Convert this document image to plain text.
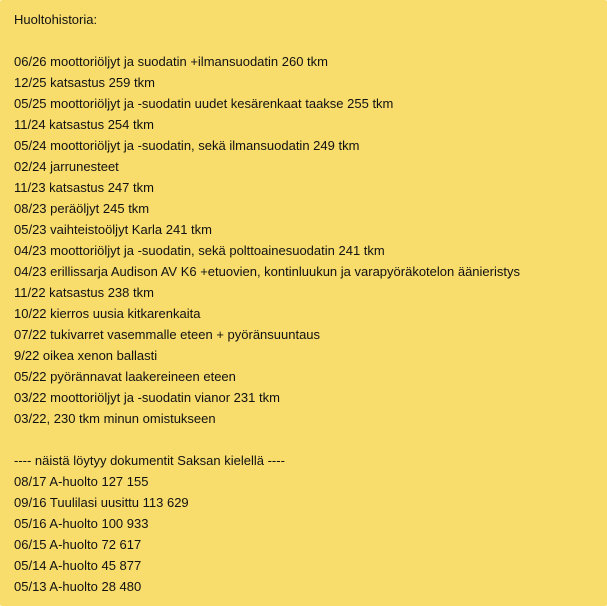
Huoltohistoria:
06/26 moottoriöljyt ja suodatin +ilmansuodatin 260 tkm
12/25 katsastus 259 tkm
05/25 moottoriöljyt ja -suodatin uudet kesärenkaat taakse 255 tkm
11/24 katsastus 254 tkm
05/24 moottoriöljyt ja -suodatin, sekä ilmansuodatin 249 tkm
02/24 jarrunesteet
11/23 katsastus 247 tkm
08/23 peräöljyt 245 tkm
05/23 vaihteistoöljyt Karla 241 tkm
04/23 moottoriöljyt ja -suodatin, sekä polttoainesuodatin 241 tkm
04/23 erillissarja Audison AV K6 +etuovien, kontinluukun ja varapyöräkotelon äänieristys
11/22 katsastus 238 tkm
10/22 kierros uusia kitkarenkaita
07/22 tukivarret vasemmalle eteen + pyöränsuuntaus
9/22 oikea xenon ballasti
05/22 pyörännavat laakereineen eteen
03/22 moottoriöljyt ja -suodatin vianor 231 tkm
03/22, 230 tkm minun omistukseen
---- näistä löytyy dokumentit Saksan kielellä ----
08/17 A-huolto 127 155
09/16 Tuulilasi uusittu 113 629
05/16 A-huolto 100 933
06/15 A-huolto 72 617
05/14 A-huolto 45 877
05/13 A-huolto 28 480
